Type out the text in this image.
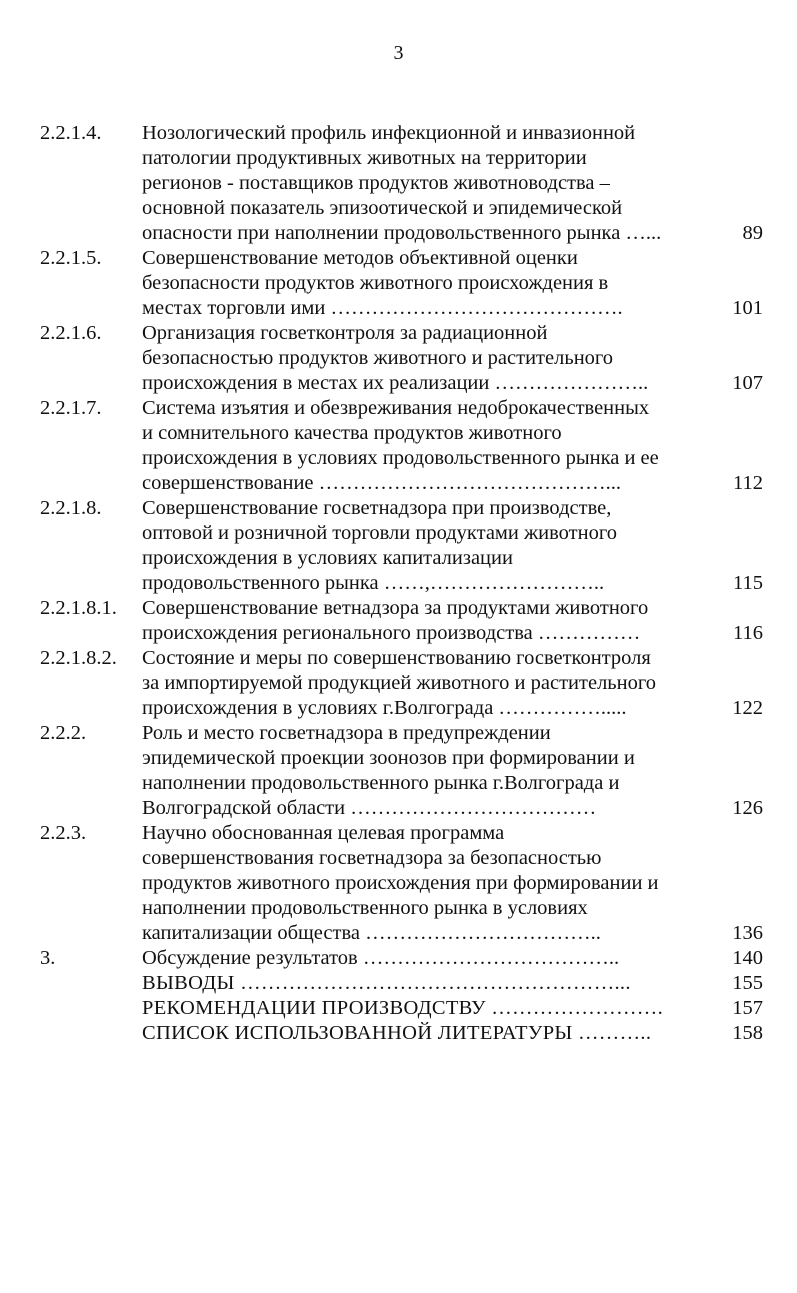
3
2.2.1.4.	Нозологический профиль инфекционной и инвазионной
патологии продуктивных животных на территории
регионов - поставщиков продуктов животноводства –
основной показатель эпизоотической и эпидемической
опасности при наполнении продовольственного рынка …...	89
2.2.1.5.	Совершенствование методов объективной оценки
безопасности продуктов животного происхождения в
местах торговли ими …………………………………….	101
2.2.1.6.	Организация госветконтроля за радиационной
безопасностью продуктов животного и растительного
происхождения в местах их реализации …………………..	107
2.2.1.7.	Система изъятия и обезвреживания недоброкачественных
и сомнительного качества продуктов животного
происхождения в условиях продовольственного рынка и ее
совершенствование ……………………………………...	112
2.2.1.8.	Совершенствование госветнадзора при производстве,
оптовой и розничной торговли продуктами животного
происхождения в условиях капитализации
продовольственного рынка ……,……………………..	115
2.2.1.8.1.	Совершенствование ветнадзора за продуктами животного
происхождения регионального производства ……………	116
2.2.1.8.2.	Состояние и меры по совершенствованию госветконтроля
за импортируемой продукцией животного и растительного
происхождения в условиях г.Волгограда …………….....	122
2.2.2.	Роль и место госветнадзора в предупреждении
эпидемической проекции зоонозов при формировании и
наполнении продовольственного рынка г.Волгограда и
Волгоградской области ………………………………	126
2.2.3.	Научно обоснованная целевая программа
совершенствования госветнадзора за безопасностью
продуктов животного происхождения при формировании и
наполнении продовольственного рынка в условиях
капитализации общества ……………………………..	136
3.	Обсуждение результатов ………………………………..	140
ВЫВОДЫ ………………………………………………...	155
РЕКОМЕНДАЦИИ ПРОИЗВОДСТВУ …………………….	157
СПИСОК ИСПОЛЬЗОВАННОЙ ЛИТЕРАТУРЫ ………..	158
